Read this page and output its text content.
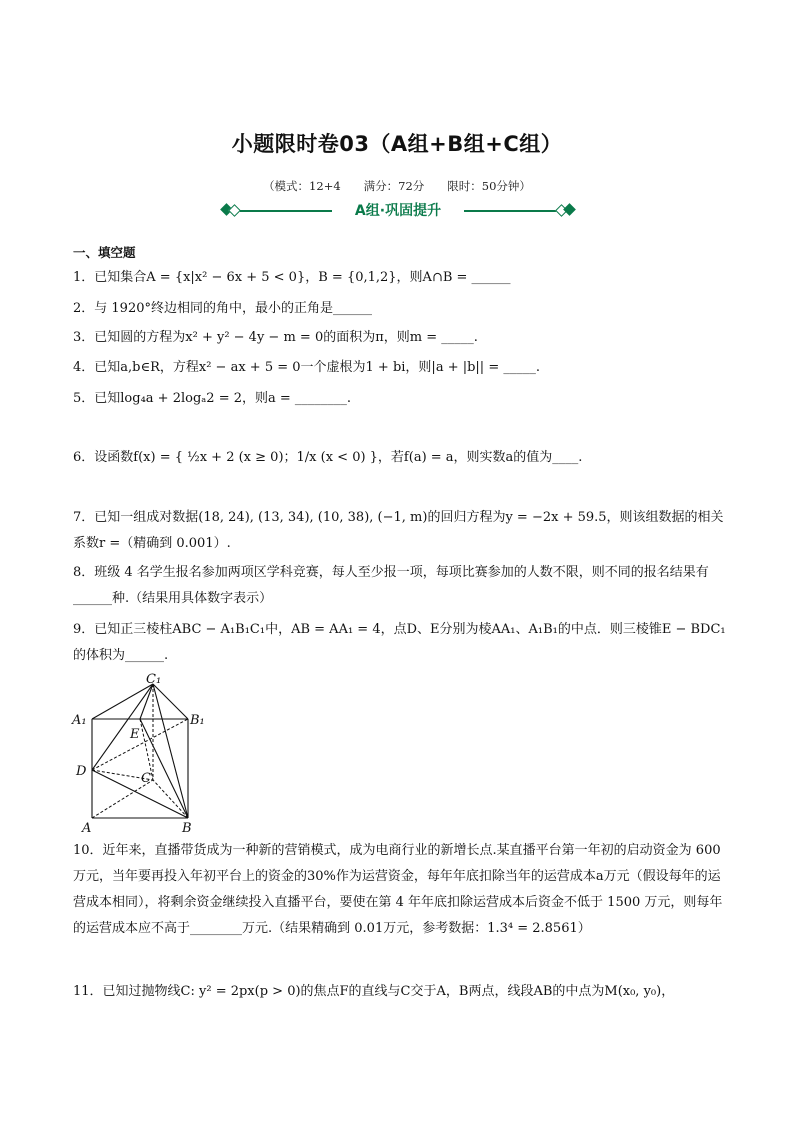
小题限时卷03（A组+B组+C组）
（模式：12+4　　满分：72分　　限时：50分钟）
A组·巩固提升
一、填空题
1．已知集合A = {x|x² − 6x + 5 < 0}，B = {0,1,2}，则A∩B = ______
2．与 1920°终边相同的角中，最小的正角是______
3．已知圆的方程为x² + y² − 4y − m = 0的面积为π，则m = _____.
4．已知a,b∈R，方程x² − ax + 5 = 0一个虚根为1 + bi，则|a + |b|| = _____.
5．已知log₄a + 2logₐ2 = 2，则a = ________.
6．设函数f(x) = { ½x + 2 (x ≥ 0)；1/x (x < 0) }，若f(a) = a，则实数a的值为____.
7．已知一组成对数据(18, 24), (13, 34), (10, 38), (−1, m)的回归方程为y = −2x + 59.5，则该组数据的相关系数r =（精确到 0.001）.
8．班级 4 名学生报名参加两项区学科竞赛，每人至少报一项，每项比赛参加的人数不限，则不同的报名结果有______种.（结果用具体数字表示）
9．已知正三棱柱ABC − A₁B₁C₁中，AB = AA₁ = 4，点D、E分别为棱AA₁、A₁B₁的中点．则三棱锥E − BDC₁的体积为______.
C₁
A₁	B₁
E
D	C
A	B
10．近年来，直播带货成为一种新的营销模式，成为电商行业的新增长点.某直播平台第一年初的启动资金为 600万元，当年要再投入年初平台上的资金的30%作为运营资金，每年年底扣除当年的运营成本a万元（假设每年的运营成本相同），将剩余资金继续投入直播平台，要使在第 4 年年底扣除运营成本后资金不低于 1500 万元，则每年的运营成本应不高于________万元.（结果精确到 0.01万元，参考数据：1.3⁴ = 2.8561）
11．已知过抛物线C: y² = 2px(p > 0)的焦点F的直线与C交于A，B两点，线段AB的中点为M(x₀, y₀)，
